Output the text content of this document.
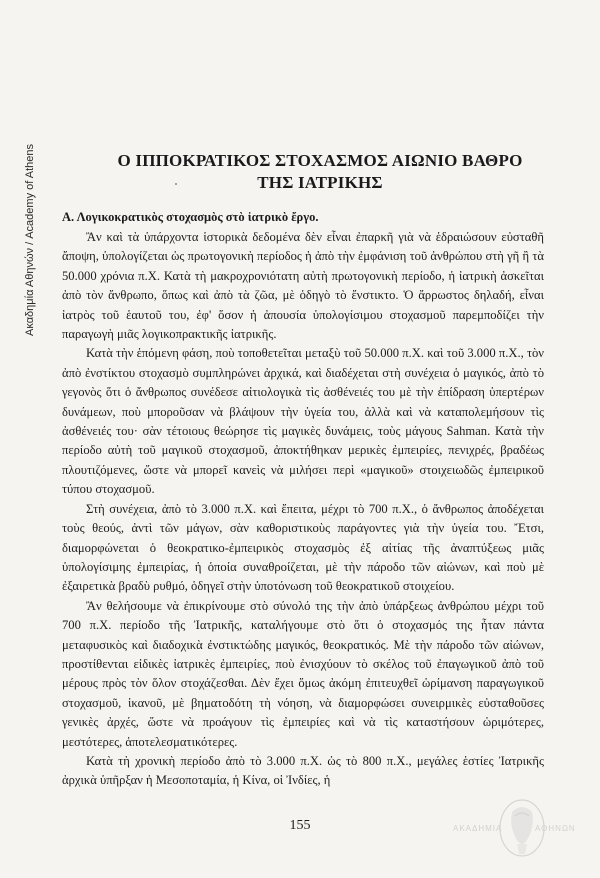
Ακαδημία Αθηνών / Academy of Athens	Ο ΙΠΠΟΚΡΑΤΙΚΟΣ ΣΤΟΧΑΣΜΟΣ ΑΙΩΝΙΟ ΒΑΘΡΟ
ΤΗΣ ΙΑΤΡΙΚΗΣ
Α. Λογικοκρατικὸς στοχασμὸς στὸ ἰατρικὸ ἔργο.

Ἂν καὶ τὰ ὑπάρχοντα ἱστορικὰ δεδομένα δὲν εἶναι ἐπαρκῆ γιὰ νὰ ἑδραιώσουν εὐσταθῆ ἄποψη, ὑπολογίζεται ὡς πρωτογονικὴ περίοδος ἡ ἀπὸ τὴν ἐμφάνιση τοῦ ἀνθρώπου στὴ γῆ ἢ τὰ 50.000 χρόνια π.Χ. Κατὰ τὴ μακροχρονιότατη αὐτὴ πρωτογονικὴ περίοδο, ἡ ἰατρικὴ ἀσκεῖται ἀπὸ τὸν ἄνθρωπο, ὅπως καὶ ἀπὸ τὰ ζῶα, μὲ ὁδηγὸ τὸ ἔνστικτο. Ὁ ἄρρωστος δηλαδή, εἶναι ἰατρὸς τοῦ ἑαυτοῦ του, ἐφ' ὅσον ἡ ἀπουσία ὑπολογίσιμου στοχασμοῦ παρεμποδίζει τὴν παραγωγὴ μιᾶς λογικοπρακτικῆς ἰατρικῆς.

Κατὰ τὴν ἑπόμενη φάση, ποὺ τοποθετεῖται μεταξὺ τοῦ 50.000 π.Χ. καὶ τοῦ 3.000 π.Χ., τὸν ἀπὸ ἐνστίκτου στοχασμὸ συμπληρώνει ἀρχικά, καὶ διαδέχεται στὴ συνέχεια ὁ μαγικός, ἀπὸ τὸ γεγονὸς ὅτι ὁ ἄνθρωπος συνέδεσε αἰτιολογικὰ τὶς ἀσθένειές του μὲ τὴν ἐπίδραση ὑπερτέρων δυνάμεων, ποὺ μποροῦσαν νὰ βλάψουν τὴν ὑγεία του, ἀλλὰ καὶ νὰ καταπολεμήσουν τὶς ἀσθένειές του· σὰν τέτοιους θεώρησε τὶς μαγικὲς δυνάμεις, τοὺς μάγους Sahman. Κατὰ τὴν περίοδο αὐτὴ τοῦ μαγικοῦ στοχασμοῦ, ἀποκτήθηκαν μερικὲς ἐμπειρίες, πενιχρές, βραδέως πλουτιζόμενες, ὥστε νὰ μπορεῖ κανεὶς νὰ μιλήσει περὶ «μαγικοῦ» στοιχειωδῶς ἐμπειρικοῦ τύπου στοχασμοῦ.

Στὴ συνέχεια, ἀπὸ τὸ 3.000 π.Χ. καὶ ἔπειτα, μέχρι τὸ 700 π.Χ., ὁ ἄνθρωπος ἀποδέχεται τοὺς θεούς, ἀντὶ τῶν μάγων, σὰν καθοριστικοὺς παράγοντες γιὰ τὴν ὑγεία του. Ἔτσι, διαμορφώνεται ὁ θεοκρατικο-ἐμπειρικὸς στοχασμὸς ἐξ αἰτίας τῆς ἀναπτύξεως μιᾶς ὑπολογίσιμης ἐμπειρίας, ἡ ὁποία συναθροίζεται, μὲ τὴν πάροδο τῶν αἰώνων, καὶ ποὺ μὲ ἐξαιρετικὰ βραδὺ ρυθμό, ὁδηγεῖ στὴν ὑποτόνωση τοῦ θεοκρατικοῦ στοιχείου.

Ἂν θελήσουμε νὰ ἐπικρίνουμε στὸ σύνολό της τὴν ἀπὸ ὑπάρξεως ἀνθρώπου μέχρι τοῦ 700 π.Χ. περίοδο τῆς Ἰατρικῆς, καταλήγουμε στὸ ὅτι ὁ στοχασμός της ἦταν πάντα μεταφυσικὸς καὶ διαδοχικὰ ἐνστικτώδης μαγικός, θεοκρατικός. Μὲ τὴν πάροδο τῶν αἰώνων, προστίθενται εἰδικὲς ἰατρικὲς ἐμπειρίες, ποὺ ἐνισχύουν τὸ σκέλος τοῦ ἐπαγωγικοῦ ἀπὸ τοῦ μέρους πρὸς τὸν ὅλον στοχάζεσθαι. Δὲν ἔχει ὅμως ἀκόμη ἐπιτευχθεῖ ὡρίμανση παραγωγικοῦ στοχασμοῦ, ἱκανοῦ, μὲ βηματοδότη τὴ νόηση, νὰ διαμορφώσει συνειρμικὲς εὐσταθοῦσες γενικὲς ἀρχές, ὥστε νὰ προάγουν τὶς ἐμπειρίες καὶ νὰ τὶς καταστήσουν ὡριμότερες, μεστότερες, ἀποτελεσματικότερες.

Κατὰ τὴ χρονικὴ περίοδο ἀπὸ τὸ 3.000 π.Χ. ὡς τὸ 800 π.Χ., μεγάλες ἑστίες Ἰατρικῆς ἀρχικὰ ὑπῆρξαν ἡ Μεσοποταμία, ἡ Κίνα, οἱ Ἰνδίες, ἡ

155	ΑΚΑΔΗΜΙΑ	ΑΘΗΝΩΝ
